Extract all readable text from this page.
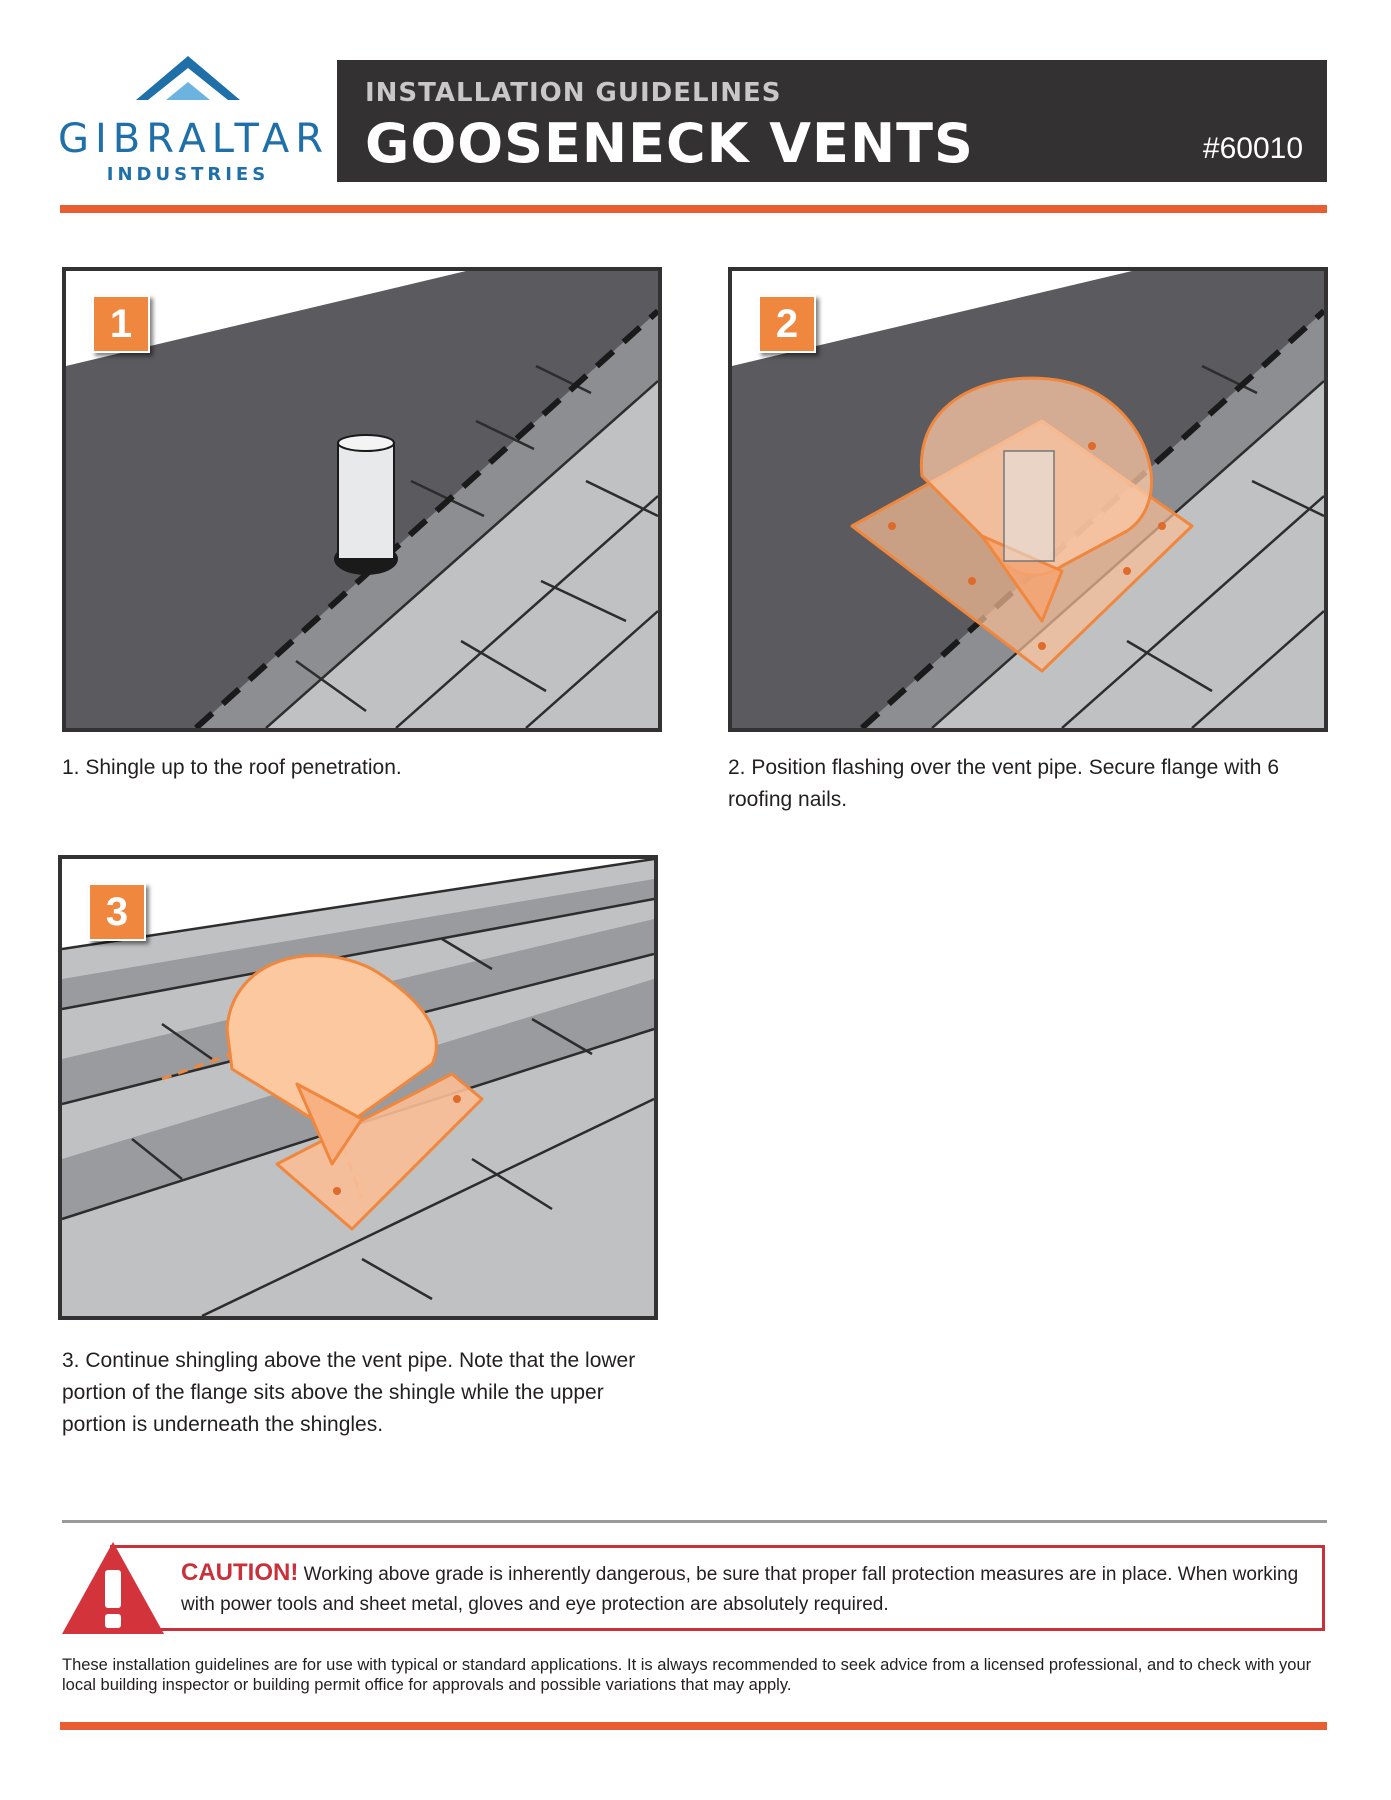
GIBRALTAR
INDUSTRIES
INSTALLATION GUIDELINES
GOOSENECK VENTS	#60010
1
1. Shingle up to the roof penetration.
2
2. Position flashing over the vent pipe. Secure flange with 6 roofing nails.
3
3. Continue shingling above the vent pipe. Note that the lower portion of the flange sits above the shingle while the upper portion is underneath the shingles.
CAUTION! Working above grade is inherently dangerous, be sure that proper fall protection measures are in place. When working with power tools and sheet metal, gloves and eye protection are absolutely required.
These installation guidelines are for use with typical or standard applications. It is always recommended to seek advice from a licensed professional, and to check with your local building inspector or building permit office for approvals and possible variations that may apply.
